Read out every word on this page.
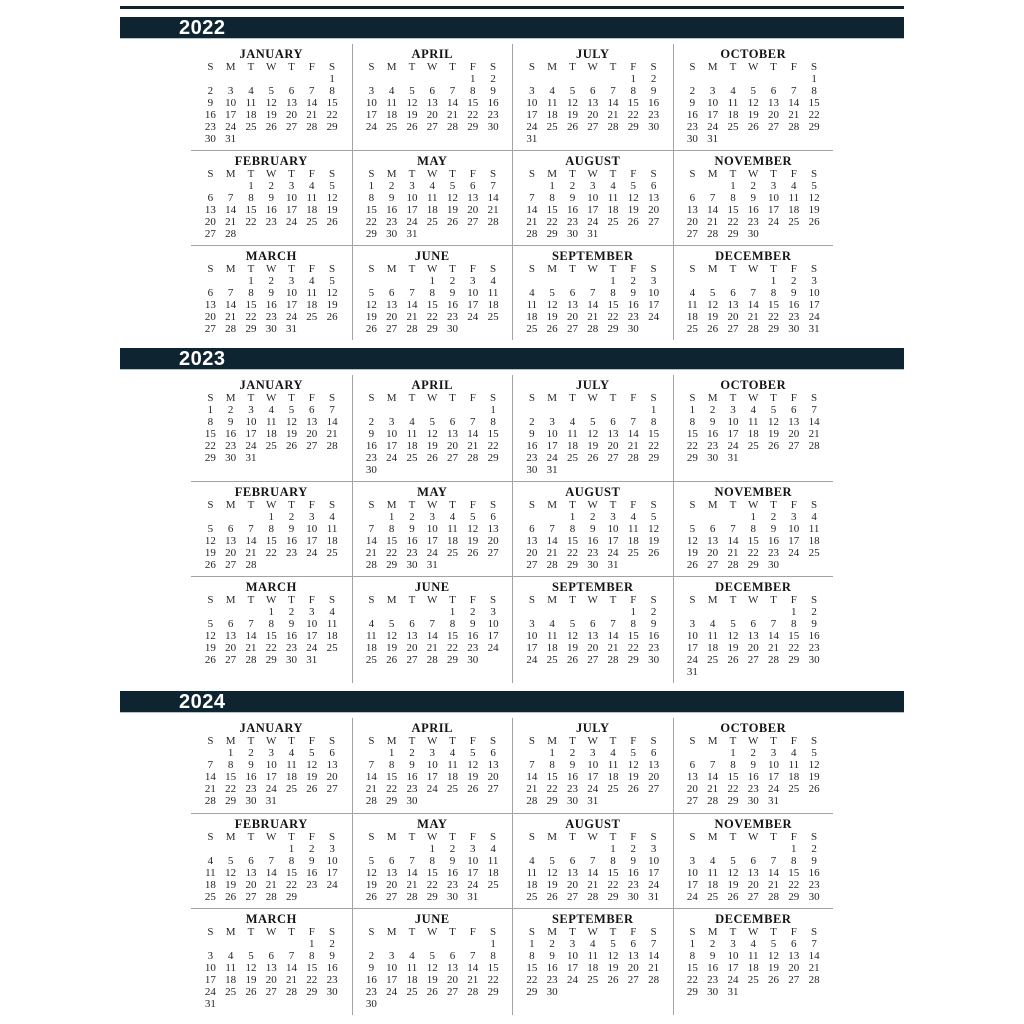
2022
JANUARY
S	M	T	W	T	F	S
						1
2	3	4	5	6	7	8
9	10	11	12	13	14	15
16	17	18	19	20	21	22
23	24	25	26	27	28	29
30	31					
APRIL
S	M	T	W	T	F	S
					1	2
3	4	5	6	7	8	9
10	11	12	13	14	15	16
17	18	19	20	21	22	23
24	25	26	27	28	29	30
JULY
S	M	T	W	T	F	S
					1	2
3	4	5	6	7	8	9
10	11	12	13	14	15	16
17	18	19	20	21	22	23
24	25	26	27	28	29	30
31						
OCTOBER
S	M	T	W	T	F	S
						1
2	3	4	5	6	7	8
9	10	11	12	13	14	15
16	17	18	19	20	21	22
23	24	25	26	27	28	29
30	31					
FEBRUARY
S	M	T	W	T	F	S
		1	2	3	4	5
6	7	8	9	10	11	12
13	14	15	16	17	18	19
20	21	22	23	24	25	26
27	28					
MAY
S	M	T	W	T	F	S
1	2	3	4	5	6	7
8	9	10	11	12	13	14
15	16	17	18	19	20	21
22	23	24	25	26	27	28
29	30	31				
AUGUST
S	M	T	W	T	F	S
	1	2	3	4	5	6
7	8	9	10	11	12	13
14	15	16	17	18	19	20
21	22	23	24	25	26	27
28	29	30	31			
NOVEMBER
S	M	T	W	T	F	S
		1	2	3	4	5
6	7	8	9	10	11	12
13	14	15	16	17	18	19
20	21	22	23	24	25	26
27	28	29	30			
MARCH
S	M	T	W	T	F	S
		1	2	3	4	5
6	7	8	9	10	11	12
13	14	15	16	17	18	19
20	21	22	23	24	25	26
27	28	29	30	31		
JUNE
S	M	T	W	T	F	S
			1	2	3	4
5	6	7	8	9	10	11
12	13	14	15	16	17	18
19	20	21	22	23	24	25
26	27	28	29	30		
SEPTEMBER
S	M	T	W	T	F	S
				1	2	3
4	5	6	7	8	9	10
11	12	13	14	15	16	17
18	19	20	21	22	23	24
25	26	27	28	29	30	
DECEMBER
S	M	T	W	T	F	S
				1	2	3
4	5	6	7	8	9	10
11	12	13	14	15	16	17
18	19	20	21	22	23	24
25	26	27	28	29	30	31
2023
JANUARY
S	M	T	W	T	F	S
1	2	3	4	5	6	7
8	9	10	11	12	13	14
15	16	17	18	19	20	21
22	23	24	25	26	27	28
29	30	31				
APRIL
S	M	T	W	T	F	S
						1
2	3	4	5	6	7	8
9	10	11	12	13	14	15
16	17	18	19	20	21	22
23	24	25	26	27	28	29
30						
JULY
S	M	T	W	T	F	S
						1
2	3	4	5	6	7	8
9	10	11	12	13	14	15
16	17	18	19	20	21	22
23	24	25	26	27	28	29
30	31					
OCTOBER
S	M	T	W	T	F	S
1	2	3	4	5	6	7
8	9	10	11	12	13	14
15	16	17	18	19	20	21
22	23	24	25	26	27	28
29	30	31				
FEBRUARY
S	M	T	W	T	F	S
			1	2	3	4
5	6	7	8	9	10	11
12	13	14	15	16	17	18
19	20	21	22	23	24	25
26	27	28				
MAY
S	M	T	W	T	F	S
	1	2	3	4	5	6
7	8	9	10	11	12	13
14	15	16	17	18	19	20
21	22	23	24	25	26	27
28	29	30	31			
AUGUST
S	M	T	W	T	F	S
		1	2	3	4	5
6	7	8	9	10	11	12
13	14	15	16	17	18	19
20	21	22	23	24	25	26
27	28	29	30	31		
NOVEMBER
S	M	T	W	T	F	S
			1	2	3	4
5	6	7	8	9	10	11
12	13	14	15	16	17	18
19	20	21	22	23	24	25
26	27	28	29	30		
MARCH
S	M	T	W	T	F	S
			1	2	3	4
5	6	7	8	9	10	11
12	13	14	15	16	17	18
19	20	21	22	23	24	25
26	27	28	29	30	31	
JUNE
S	M	T	W	T	F	S
				1	2	3
4	5	6	7	8	9	10
11	12	13	14	15	16	17
18	19	20	21	22	23	24
25	26	27	28	29	30	
SEPTEMBER
S	M	T	W	T	F	S
					1	2
3	4	5	6	7	8	9
10	11	12	13	14	15	16
17	18	19	20	21	22	23
24	25	26	27	28	29	30
DECEMBER
S	M	T	W	T	F	S
					1	2
3	4	5	6	7	8	9
10	11	12	13	14	15	16
17	18	19	20	21	22	23
24	25	26	27	28	29	30
31						
2024
JANUARY
S	M	T	W	T	F	S
	1	2	3	4	5	6
7	8	9	10	11	12	13
14	15	16	17	18	19	20
21	22	23	24	25	26	27
28	29	30	31			
APRIL
S	M	T	W	T	F	S
	1	2	3	4	5	6
7	8	9	10	11	12	13
14	15	16	17	18	19	20
21	22	23	24	25	26	27
28	29	30				
JULY
S	M	T	W	T	F	S
	1	2	3	4	5	6
7	8	9	10	11	12	13
14	15	16	17	18	19	20
21	22	23	24	25	26	27
28	29	30	31			
OCTOBER
S	M	T	W	T	F	S
		1	2	3	4	5
6	7	8	9	10	11	12
13	14	15	16	17	18	19
20	21	22	23	24	25	26
27	28	29	30	31		
FEBRUARY
S	M	T	W	T	F	S
				1	2	3
4	5	6	7	8	9	10
11	12	13	14	15	16	17
18	19	20	21	22	23	24
25	26	27	28	29		
MAY
S	M	T	W	T	F	S
			1	2	3	4
5	6	7	8	9	10	11
12	13	14	15	16	17	18
19	20	21	22	23	24	25
26	27	28	29	30	31	
AUGUST
S	M	T	W	T	F	S
				1	2	3
4	5	6	7	8	9	10
11	12	13	14	15	16	17
18	19	20	21	22	23	24
25	26	27	28	29	30	31
NOVEMBER
S	M	T	W	T	F	S
					1	2
3	4	5	6	7	8	9
10	11	12	13	14	15	16
17	18	19	20	21	22	23
24	25	26	27	28	29	30
MARCH
S	M	T	W	T	F	S
					1	2
3	4	5	6	7	8	9
10	11	12	13	14	15	16
17	18	19	20	21	22	23
24	25	26	27	28	29	30
31						
JUNE
S	M	T	W	T	F	S
						1
2	3	4	5	6	7	8
9	10	11	12	13	14	15
16	17	18	19	20	21	22
23	24	25	26	27	28	29
30						
SEPTEMBER
S	M	T	W	T	F	S
1	2	3	4	5	6	7
8	9	10	11	12	13	14
15	16	17	18	19	20	21
22	23	24	25	26	27	28
29	30					
DECEMBER
S	M	T	W	T	F	S
1	2	3	4	5	6	7
8	9	10	11	12	13	14
15	16	17	18	19	20	21
22	23	24	25	26	27	28
29	30	31				
